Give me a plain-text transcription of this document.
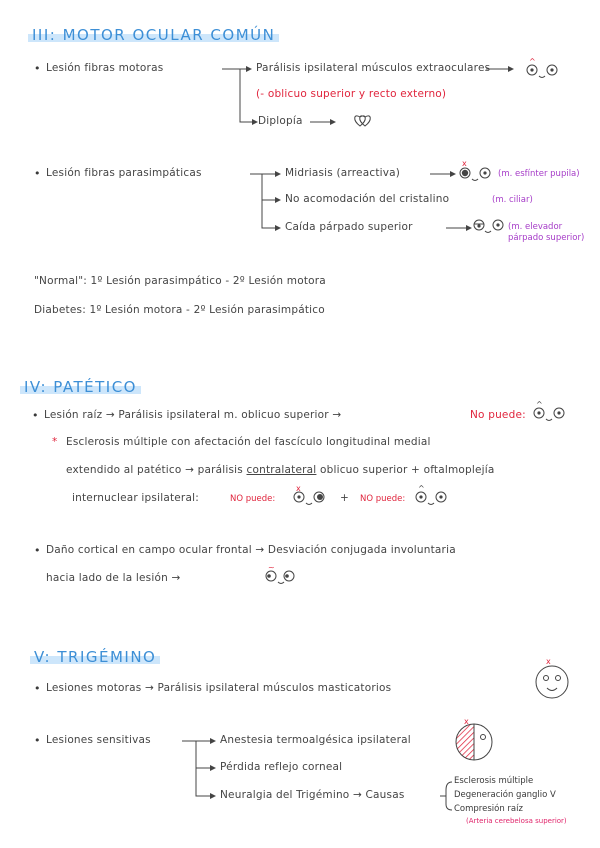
III: MOTOR OCULAR COMÚN
• Lesión fibras motoras	Parálisis ipsilateral músculos extraoculares
^
(- oblicuo superior y recto externo)
Diplopía
• Lesión fibras parasimpáticas	Midriasis (arreactiva)
x
(m. esfínter pupila)
No acomodación del cristalino	(m. ciliar)
Caída párpado superior	(m. elevador párpado superior)
"Normal": 1º Lesión parasimpático - 2º Lesión motora
Diabetes: 1º Lesión motora - 2º Lesión parasimpático
IV: PATÉTICO
• Lesión raíz → Parálisis ipsilateral m. oblicuo superior →	No puede:
^
* Esclerosis múltiple con afectación del fascículo longitudinal medial
extendido al patético → parálisis contralateral oblicuo superior + oftalmoplejía
internuclear ipsilateral:	NO puede:
x
+ NO puede:
^
• Daño cortical en campo ocular frontal → Desviación conjugada involuntaria
hacia lado de la lesión →
~
V: TRIGÉMINO	x
• Lesiones motoras → Parálisis ipsilateral músculos masticatorios
• Lesiones sensitivas	Anestesia termoalgésica ipsilateral
Pérdida reflejo corneal
Neuralgia del Trigémino → Causas
x
Esclerosis múltiple
Degeneración ganglio V
Compresión raíz
(Arteria cerebelosa superior)
